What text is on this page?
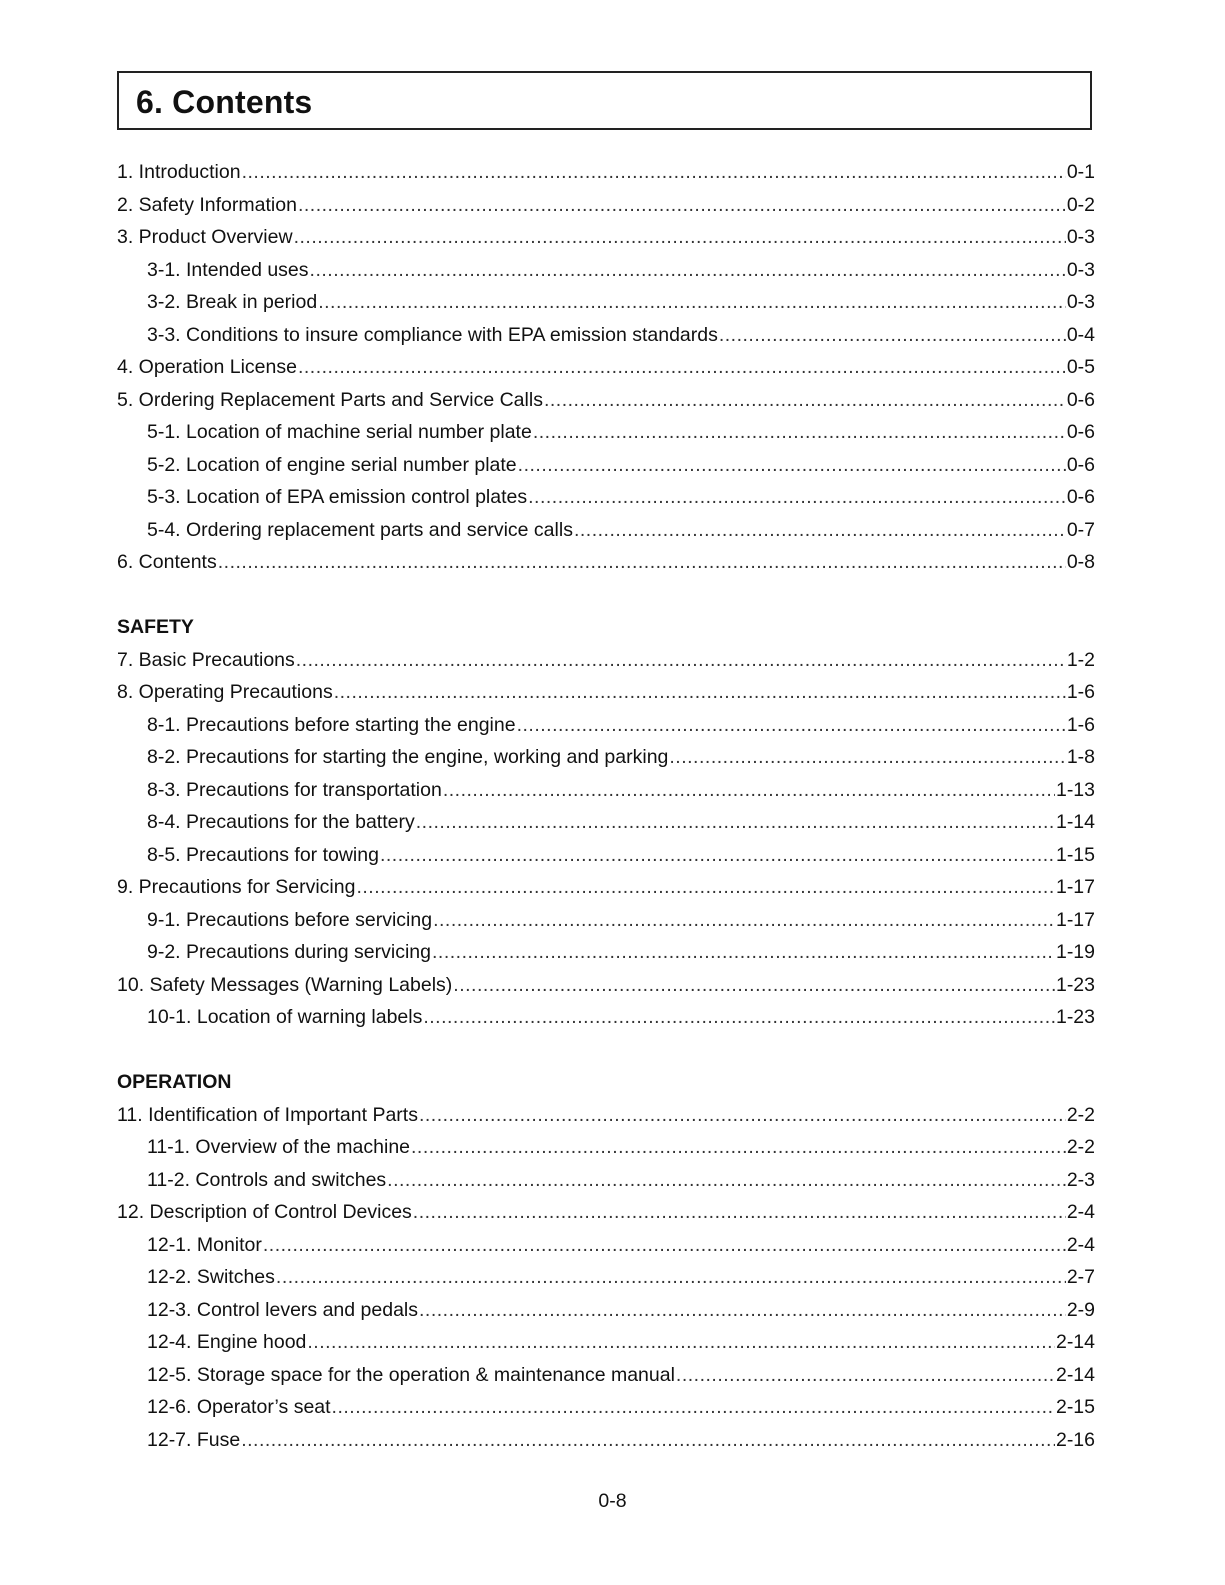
6. Contents
1. Introduction .....	0-1
2. Safety Information .....	0-2
3. Product Overview .....	0-3
3-1. Intended uses .....	0-3
3-2. Break in period .....	0-3
3-3. Conditions to insure compliance with EPA emission standards .....	0-4
4. Operation License .....	0-5
5. Ordering Replacement Parts and Service Calls .....	0-6
5-1. Location of machine serial number plate .....	0-6
5-2. Location of engine serial number plate .....	0-6
5-3. Location of EPA emission control plates .....	0-6
5-4. Ordering replacement parts and service calls .....	0-7
6. Contents .....	0-8
SAFETY
7. Basic Precautions .....	1-2
8. Operating Precautions .....	1-6
8-1. Precautions before starting the engine .....	1-6
8-2. Precautions for starting the engine, working and parking .....	1-8
8-3. Precautions for transportation .....	1-13
8-4. Precautions for the battery .....	1-14
8-5. Precautions for towing .....	1-15
9. Precautions for Servicing .....	1-17
9-1. Precautions before servicing .....	1-17
9-2. Precautions during servicing .....	1-19
10. Safety Messages (Warning Labels) .....	1-23
10-1. Location of warning labels .....	1-23
OPERATION
11. Identification of Important Parts .....	2-2
11-1. Overview of the machine .....	2-2
11-2. Controls and switches .....	2-3
12. Description of Control Devices .....	2-4
12-1. Monitor .....	2-4
12-2. Switches .....	2-7
12-3. Control levers and pedals .....	2-9
12-4. Engine hood .....	2-14
12-5. Storage space for the operation & maintenance manual .....	2-14
12-6. Operator’s seat .....	2-15
12-7. Fuse .....	2-16
0-8
